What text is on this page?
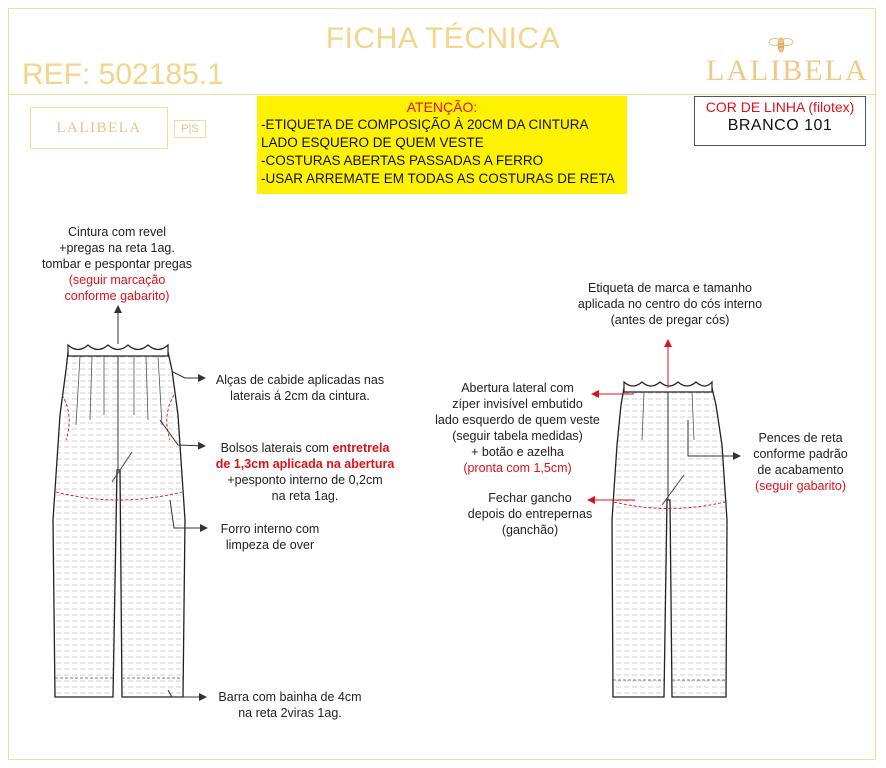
FICHA TÉCNICA
REF: 502185.1	LALIBELA
LALIBELA	P|S
ATENÇÃO:
-ETIQUETA DE COMPOSIÇÃO À 20CM DA CINTURA
LADO ESQUERO DE QUEM VESTE
-COSTURAS ABERTAS PASSADAS A FERRO
-USAR ARREMATE EM TODAS AS COSTURAS DE RETA
COR DE LINHA (filotex)
BRANCO 101
Cintura com revel
+pregas na reta 1ag.
tombar e pespontar pregas
(seguir marcação
conforme gabarito)
Alças de cabide aplicadas nas
laterais á 2cm da cintura.
Bolsos laterais com entretrela
de 1,3cm aplicada na abertura
+pesponto interno de 0,2cm
na reta 1ag.
Forro interno com
limpeza de over
Barra com bainha de 4cm
na reta 2viras 1ag.
Etiqueta de marca e tamanho
aplicada no centro do cós interno
(antes de pregar cós)
Abertura lateral com
zíper invisível embutido
lado esquerdo de quem veste
(seguir tabela medidas)
+ botão e azelha
(pronta com 1,5cm)
Fechar gancho
depois do entrepernas
(ganchão)
Pences de reta
conforme padrão
de acabamento
(seguir gabarito)
